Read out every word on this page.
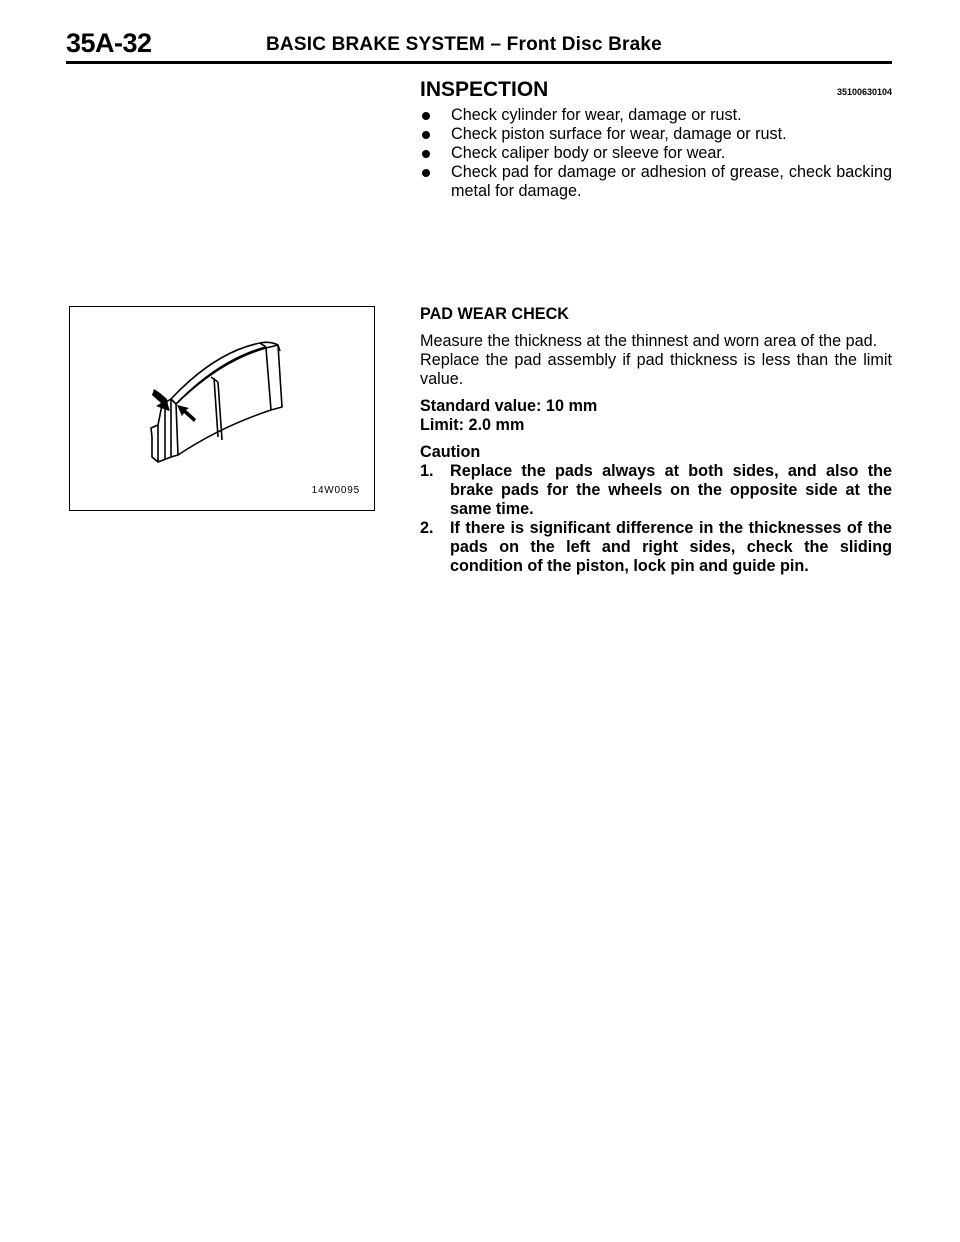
35A-32	BASIC BRAKE SYSTEM – Front Disc Brake
INSPECTION	35100630104
Check cylinder for wear, damage or rust.
Check piston surface for wear, damage or rust.
Check caliper body or sleeve for wear.
Check pad for damage or adhesion of grease, check backing metal for damage.
14W0095

PAD WEAR CHECK

Measure the thickness at the thinnest and worn area of the pad.

Replace the pad assembly if pad thickness is less than the limit value.

Standard value: 10 mm

Limit: 2.0 mm

Caution

1. Replace the pads always at both sides, and also the brake pads for the wheels on the opposite side at the same time.
2. If there is significant difference in the thicknesses of the pads on the left and right sides, check the sliding condition of the piston, lock pin and guide pin.
